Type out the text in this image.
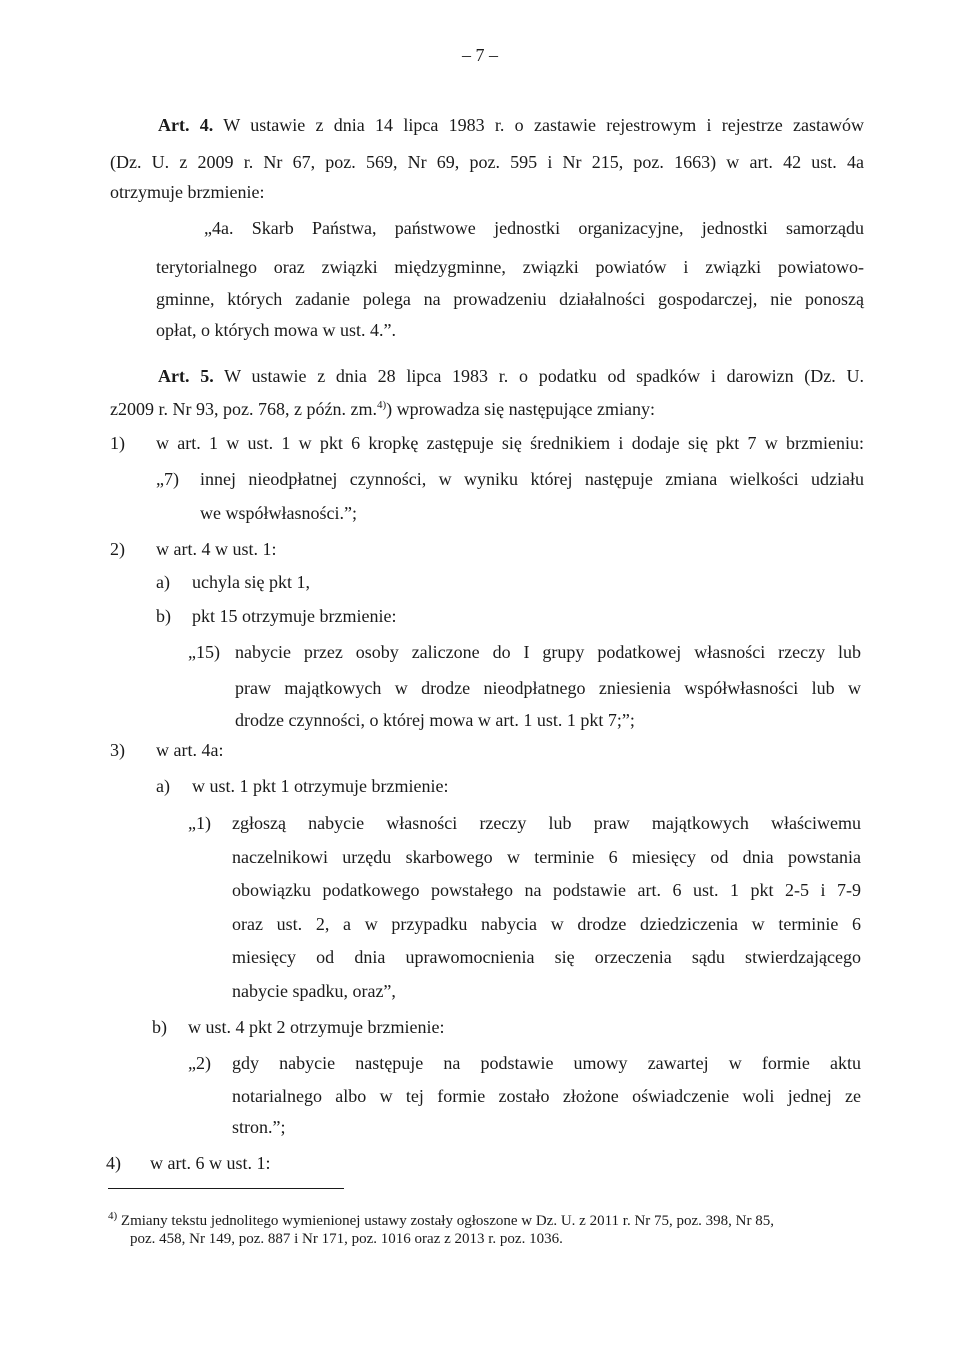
– 7 –
Art. 4. W ustawie z dnia 14 lipca 1983 r. o zastawie rejestrowym i rejestrze zastawów
(Dz. U. z 2009 r. Nr 67, poz. 569, Nr 69, poz. 595 i Nr 215, poz. 1663) w art. 42 ust. 4a
otrzymuje brzmienie:
„4a. Skarb Państwa, państwowe jednostki organizacyjne, jednostki samorządu
terytorialnego oraz związki międzygminne, związki powiatów i związki powiatowo-
gminne, których zadanie polega na prowadzeniu działalności gospodarczej, nie ponoszą
opłat, o których mowa w ust. 4.”.
Art. 5. W ustawie z dnia 28 lipca 1983 r. o podatku od spadków i darowizn (Dz. U.
z2009 r. Nr 93, poz. 768, z późn. zm.$^{4)}$) wprowadza się następujące zmiany:
1) w art. 1 w ust. 1 w pkt 6 kropkę zastępuje się średnikiem i dodaje się pkt 7 w brzmieniu:
„7) innej nieodpłatnej czynności, w wyniku której następuje zmiana wielkości udziału
we współwłasności.”;
2) w art. 4 w ust. 1:
a) uchyla się pkt 1,
b) pkt 15 otrzymuje brzmienie:
„15) nabycie przez osoby zaliczone do I grupy podatkowej własności rzeczy lub
praw majątkowych w drodze nieodpłatnego zniesienia współwłasności lub w
drodze czynności, o której mowa w art. 1 ust. 1 pkt 7;”;
3) w art. 4a:
a) w ust. 1 pkt 1 otrzymuje brzmienie:
„1) zgłoszą nabycie własności rzeczy lub praw majątkowych właściwemu
naczelnikowi urzędu skarbowego w terminie 6 miesięcy od dnia powstania
obowiązku podatkowego powstałego na podstawie art. 6 ust. 1 pkt 2-5 i 7-9
oraz ust. 2, a w przypadku nabycia w drodze dziedziczenia w terminie 6
miesięcy od dnia uprawomocnienia się orzeczenia sądu stwierdzającego
nabycie spadku, oraz”,
b) w ust. 4 pkt 2 otrzymuje brzmienie:
„2) gdy nabycie następuje na podstawie umowy zawartej w formie aktu
notarialnego albo w tej formie zostało złożone oświadczenie woli jednej ze
stron.”;
4) w art. 6 w ust. 1:
$^{4)}$ Zmiany tekstu jednolitego wymienionej ustawy zostały ogłoszone w Dz. U. z 2011 r. Nr 75, poz. 398, Nr 85,
poz. 458, Nr 149, poz. 887 i Nr 171, poz. 1016 oraz z 2013 r. poz. 1036.
